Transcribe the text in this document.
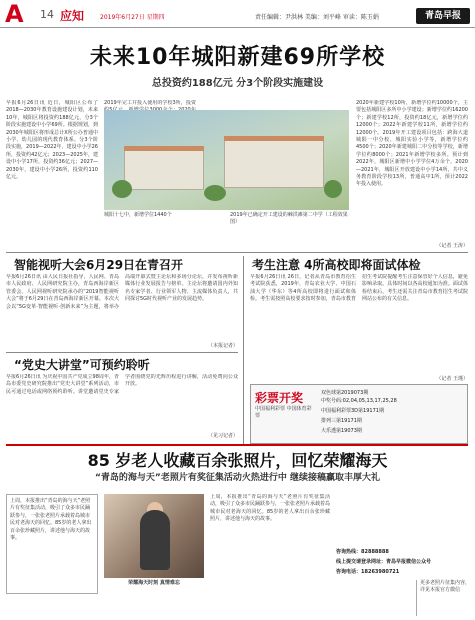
A	14 应知	2019年6月27日 星期四	责任编辑：尹洪林 美编：刘平峰 审读：陈玉娟	青岛早报
未来10年城阳新建69所学校
总投资约188亿元 分3个阶段实施建设
早报6月26日讯 近日，城阳区公布了2018—2030年教育设施建设计划，未来10年，城阳区将投资约188亿元，分3个阶段实施建设中小学69所。根据规划，到2030年城阳区将形成总计X所公办普通中小学、幼儿园的现代教育体系。分3个阶段实施，2019—2022年，建设中小学26所，投资约42亿元；2023—2025年，建设中小学17所，投资约36亿元；2027—2030年，建设中小学26所，投资约110亿元。
2019年完工并投入使用的学校3所，投资
城阳十七中，新增学位1440个	2019年已确定开工建设的棘洪滩第二中学（工程效果图）
2020年新建学校10所，新增学位约10000个，主要包括城阳区多所中小学建设；新增学位约16200个；新建学校12所，投资约18亿元，新增学位约12000个；2022年新建学校11所，新增学位约12000个。2019年开工建设项目包括：跨海大道城阳一中分校、城阳实验小学等，新增学位约4500个；2020年新建城阳二中分校等学校，新增学位约8000个；2021年新增学校多所。预计到2022年，城阳区新增中小学学位4万余个。2020—2021年，城阳区开放建设中小学14所，共中义务教育阶段学校13所，普通高中1所，预计2022年投入使用。
（记者 王涛）
智能视听大会6月29日在青召开
早报6月26日讯 由人民日报社指导，人民网、青岛市人民政府、人民网研究院主办，青岛西海岸新区管委会、人民网视听研究院承办的“2019智能视听大会”将于6月29日在青岛西海岸新区开幕。本次大会以“5G变革·智能视听·创新未来”为主题，将举办高端开幕式暨主论坛和多场分论坛，并发布视听新媒体行业发展报告与榜单。主论坛将邀请国内外知名专家学者、行业领军人物、主流媒体负责人，共同探讨5G时代视听产业的发展趋势。
（本报记者）
考生注意 4所高校即将面试体检
早报6月26日讯 26日，记者从青岛市教育招生考试院获悉，2019年，青岛农业大学、中国石油大学（华东）等4所高校即将进行面试和体检。考生需按照高校要求按时参加，青岛市教育招生考试院提醒考生注意保管好个人信息，避免影响录取。具体时间以各高校通知为准。面试体检结束后，考生还需关注青岛市教育招生考试院网站公布的有关信息。
（记者 王瑾）
“党史大讲堂”可预约聆听
早报6月26日讯 为庆祝中国共产党成立98周年，青岛市委党史研究院推出“党史大讲堂”系列活动，市民可通过电话或网络预约聆听。讲堂邀请党史专家学者围绕党的光辉历程进行讲解，活动免费向公众开放。
（见习记者）
彩票开奖
中国福利彩票 中国体育彩票
双色球第2019073期
中奖号码:02,04,05,13,17,25,28
中国福利彩票3D第19171期
排列三第19171期
大乐透第19073期
85 岁老人收藏百余张照片，回忆荣耀海天
“青岛的海与天”老照片有奖征集活动火热进行中 继续接稿赢取丰厚大礼
上周，本报推出“青岛的海与天”老照片有奖征集活动，吸引了众多市民踊跃参与，一张张老照片承载着岛城市民对老海天的回忆。85岁的老人拿出百余张珍藏照片，讲述他与海天的故事。
荣耀海天时刻 真情难忘
上周，本报推出“青岛的海与天”老照片有奖征集活动，吸引了众多市民踊跃参与，一张张老照片承载着岛城市民对老海天的回忆。85岁的老人拿出百余张珍藏照片，讲述他与海天的故事。
咨询热线：82888888
线上提交请登录网址：青岛早报微信公众号
咨询电话：18263980721
更多老照片征集内容，详见本报官方微信
